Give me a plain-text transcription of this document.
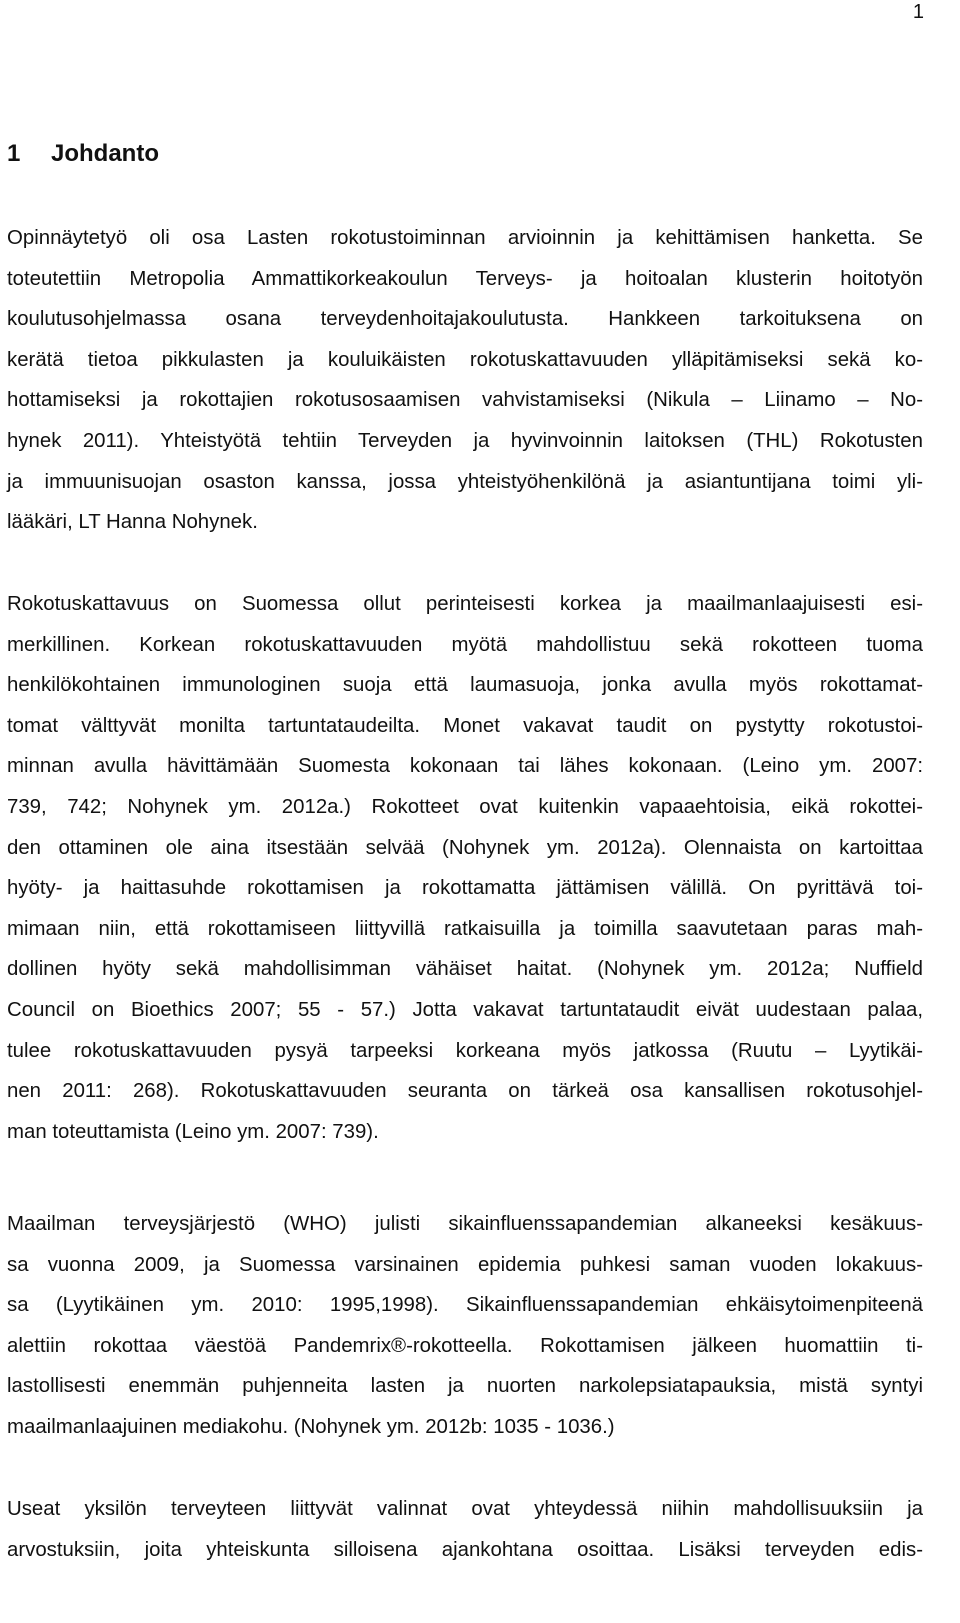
1
1 Johdanto
Opinnäytetyö oli osa Lasten rokotustoiminnan arvioinnin ja kehittämisen hanketta. Se
toteutettiin Metropolia Ammattikorkeakoulun Terveys- ja hoitoalan klusterin hoitotyön
koulutusohjelmassa osana terveydenhoitajakoulutusta. Hankkeen tarkoituksena on
kerätä tietoa pikkulasten ja kouluikäisten rokotuskattavuuden ylläpitämiseksi sekä ko-
hottamiseksi ja rokottajien rokotusosaamisen vahvistamiseksi (Nikula – Liinamo – No-
hynek 2011). Yhteistyötä tehtiin Terveyden ja hyvinvoinnin laitoksen (THL) Rokotusten
ja immuunisuojan osaston kanssa, jossa yhteistyöhenkilönä ja asiantuntijana toimi yli-
lääkäri, LT Hanna Nohynek.
Rokotuskattavuus on Suomessa ollut perinteisesti korkea ja maailmanlaajuisesti esi-
merkillinen. Korkean rokotuskattavuuden myötä mahdollistuu sekä rokotteen tuoma
henkilökohtainen immunologinen suoja että laumasuoja, jonka avulla myös rokottamat-
tomat välttyvät monilta tartuntataudeilta. Monet vakavat taudit on pystytty rokotustoi-
minnan avulla hävittämään Suomesta kokonaan tai lähes kokonaan. (Leino ym. 2007:
739, 742; Nohynek ym. 2012a.) Rokotteet ovat kuitenkin vapaaehtoisia, eikä rokottei-
den ottaminen ole aina itsestään selvää (Nohynek ym. 2012a). Olennaista on kartoittaa
hyöty- ja haittasuhde rokottamisen ja rokottamatta jättämisen välillä. On pyrittävä toi-
mimaan niin, että rokottamiseen liittyvillä ratkaisuilla ja toimilla saavutetaan paras mah-
dollinen hyöty sekä mahdollisimman vähäiset haitat. (Nohynek ym. 2012a; Nuffield
Council on Bioethics 2007; 55 - 57.) Jotta vakavat tartuntataudit eivät uudestaan palaa,
tulee rokotuskattavuuden pysyä tarpeeksi korkeana myös jatkossa (Ruutu – Lyytikäi-
nen 2011: 268). Rokotuskattavuuden seuranta on tärkeä osa kansallisen rokotusohjel-
man toteuttamista (Leino ym. 2007: 739).
Maailman terveysjärjestö (WHO) julisti sikainfluenssapandemian alkaneeksi kesäkuus-
sa vuonna 2009, ja Suomessa varsinainen epidemia puhkesi saman vuoden lokakuus-
sa (Lyytikäinen ym. 2010: 1995,1998). Sikainfluenssapandemian ehkäisytoimenpiteenä
alettiin rokottaa väestöä Pandemrix®-rokotteella. Rokottamisen jälkeen huomattiin ti-
lastollisesti enemmän puhjenneita lasten ja nuorten narkolepsiatapauksia, mistä syntyi
maailmanlaajuinen mediakohu. (Nohynek ym. 2012b: 1035 - 1036.)
Useat yksilön terveyteen liittyvät valinnat ovat yhteydessä niihin mahdollisuuksiin ja
arvostuksiin, joita yhteiskunta silloisena ajankohtana osoittaa. Lisäksi terveyden edis-
